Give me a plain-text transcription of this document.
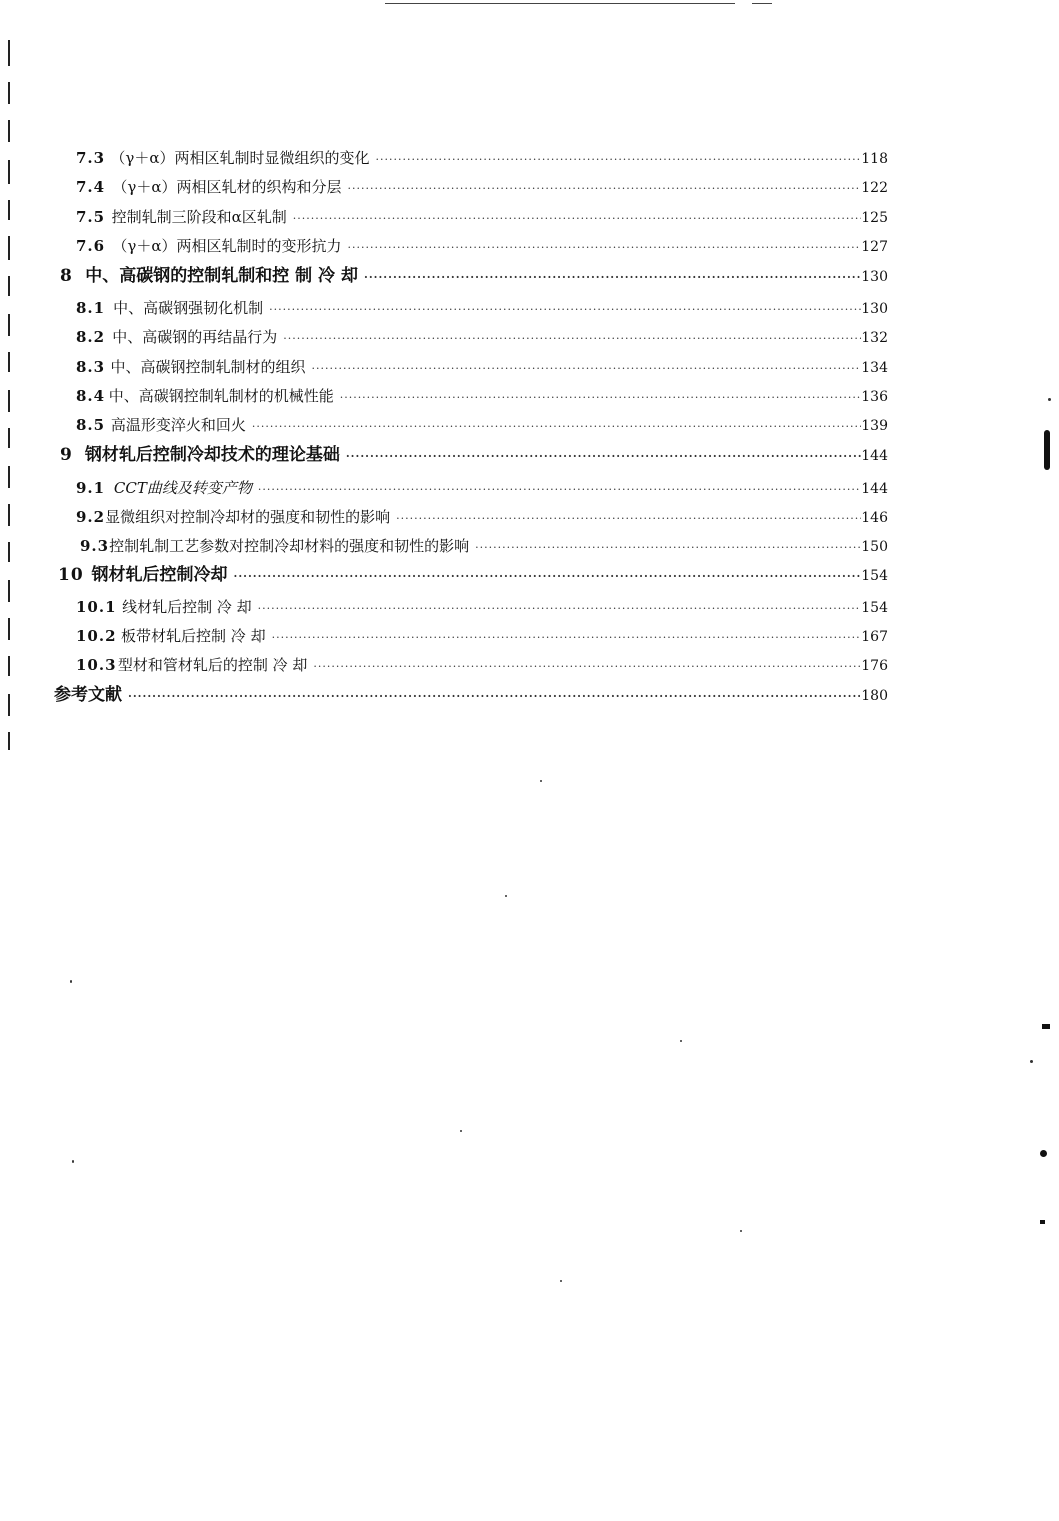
7.3 （γ＋α）两相区轧制时显微组织的变化 ·····	118
7.4 （γ＋α）两相区轧材的织构和分层 ·····	122
7.5 控制轧制三阶段和α区轧制 ·····	125
7.6 （γ＋α）两相区轧制时的变形抗力 ·····	127
8 中、高碳钢的控制轧制和控 制 冷 却 ·····	130
8.1 中、高碳钢强韧化机制 ·····	130
8.2 中、高碳钢的再结晶行为 ·····	132
8.3 中、高碳钢控制轧制材的组织 ·····	134
8.4 中、高碳钢控制轧制材的机械性能 ·····	136
8.5 高温形变淬火和回火 ·····	139
9 钢材轧后控制冷却技术的理论基础 ·····	144
9.1 CCT曲线及转变产物 ·····	144
9.2 显微组织对控制冷却材的强度和韧性的影响 ·····	146
9.3 控制轧制工艺参数对控制冷却材料的强度和韧性的影响 ·····	150
10 钢材轧后控制冷却 ·····	154
10.1 线材轧后控制 冷 却 ·····	154
10.2 板带材轧后控制 冷 却 ·····	167
10.3 型材和管材轧后的控制 冷 却 ·····	176
参考文献 ·····	180
